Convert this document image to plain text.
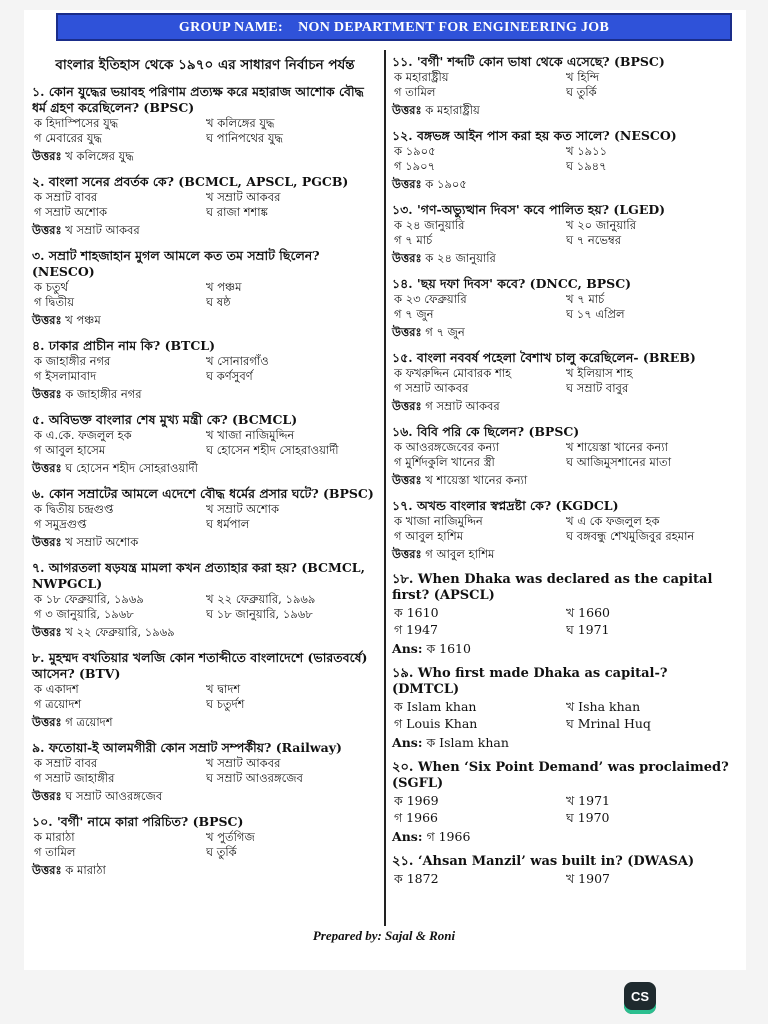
GROUP NAME: NON DEPARTMENT FOR ENGINEERING JOB
বাংলার ইতিহাস থেকে ১৯৭০ এর সাধারণ নির্বাচন পর্যন্ত
১. কোন যুদ্ধের ভয়াবহ পরিণাম প্রত্যক্ষ করে মহারাজ আশোক বৌদ্ধ ধর্ম গ্রহণ করেছিলেন? (BPSC)
ক হিদাস্পিসের যুদ্ধ	খ কলিঙ্গের যুদ্ধ
গ মেবারের যুদ্ধ	ঘ পানিপথের যুদ্ধ
উত্তরঃ খ কলিঙ্গের যুদ্ধ
২. বাংলা সনের প্রবর্তক কে? (BCMCL, APSCL, PGCB)
ক সম্রাট বাবর	খ সম্রাট আকবর
গ সম্রাট অশোক	ঘ রাজা শশাঙ্ক
উত্তরঃ খ সম্রাট আকবর
৩. সম্রাট শাহজাহান মুগল আমলে কত তম সম্রাট ছিলেন? (NESCO)
ক চতুর্থ	খ পঞ্চম
গ দ্বিতীয়	ঘ ষষ্ঠ
উত্তরঃ খ পঞ্চম
৪. ঢাকার প্রাচীন নাম কি? (BTCL)
ক জাহাঙ্গীর নগর	খ সোনারগাঁও
গ ইসলামাবাদ	ঘ কর্ণসুবর্ণ
উত্তরঃ ক জাহাঙ্গীর নগর
৫. অবিভক্ত বাংলার শেষ মুখ্য মন্ত্রী কে? (BCMCL)
ক এ.কে. ফজলুল হক	খ খাজা নাজিমুদ্দিন
গ আবুল হাসেম	ঘ হোসেন শহীদ সোহরাওয়ার্দী
উত্তরঃ ঘ হোসেন শহীদ সোহরাওয়ার্দী
৬. কোন সম্রাটের আমলে এদেশে বৌদ্ধ ধর্মের প্রসার ঘটে? (BPSC)
ক দ্বিতীয় চন্দ্রগুপ্ত	খ সম্রাট অশোক
গ সমুদ্রগুপ্ত	ঘ ধর্মপাল
উত্তরঃ খ সম্রাট অশোক
৭. আগরতলা ষড়যন্ত্র মামলা কখন প্রত্যাহার করা হয়? (BCMCL, NWPGCL)
ক ১৮ ফেব্রুয়ারি, ১৯৬৯	খ ২২ ফেব্রুয়ারি, ১৯৬৯
গ ৩ জানুয়ারি, ১৯৬৮	ঘ ১৮ জানুয়ারি, ১৯৬৮
উত্তরঃ খ ২২ ফেব্রুয়ারি, ১৯৬৯
৮. মুহম্মদ বখতিয়ার খলজি কোন শতাব্দীতে বাংলাদেশে (ভারতবর্ষে) আসেন? (BTV)
ক একাদশ	খ দ্বাদশ
গ ত্রয়োদশ	ঘ চতুর্দশ
উত্তরঃ গ ত্রয়োদশ
৯. ফতোয়া-ই আলমগীরী কোন সম্রাট সম্পর্কীয়? (Railway)
ক সম্রাট বাবর	খ সম্রাট আকবর
গ সম্রাট জাহাঙ্গীর	ঘ সম্রাট আওরঙ্গজেব
উত্তরঃ ঘ সম্রাট আওরঙ্গজেব
১০. 'বর্গী' নামে কারা পরিচিত? (BPSC)
ক মারাঠা	খ পুর্তগিজ
গ তামিল	ঘ তুর্কি
উত্তরঃ ক মারাঠা
১১. 'বর্গী' শব্দটি কোন ভাষা থেকে এসেছে? (BPSC)
ক মহারাষ্ট্রীয়	খ হিন্দি
গ তামিল	ঘ তুর্কি
উত্তরঃ ক মহারাষ্ট্রীয়
১২. বঙ্গভঙ্গ আইন পাস করা হয় কত সালে? (NESCO)
ক ১৯০৫	খ ১৯১১
গ ১৯০৭	ঘ ১৯৪৭
উত্তরঃ ক ১৯০৫
১৩. 'গণ-অভ্যুত্থান দিবস' কবে পালিত হয়? (LGED)
ক ২৪ জানুয়ারি	খ ২০ জানুয়ারি
গ ৭ মার্চ	ঘ ৭ নভেম্বর
উত্তরঃ ক ২৪ জানুয়ারি
১৪. 'ছয় দফা দিবস' কবে? (DNCC, BPSC)
ক ২৩ ফেব্রুয়ারি	খ ৭ মার্চ
গ ৭ জুন	ঘ ১৭ এপ্রিল
উত্তরঃ গ ৭ জুন
১৫. বাংলা নববর্ষ পহেলা বৈশাখ চালু করেছিলেন- (BREB)
ক ফখরুদ্দিন মোবারক শাহ	খ ইলিয়াস শাহ
গ সম্রাট আকবর	ঘ সম্রাট বাবুর
উত্তরঃ গ সম্রাট আকবর
১৬. বিবি পরি কে ছিলেন? (BPSC)
ক আওরঙ্গজেবের কন্যা	খ শায়েস্তা খানের কন্যা
গ মুর্শিদকুলি খানের স্ত্রী	ঘ আজিমুসশানের মাতা
উত্তরঃ খ শায়েস্তা খানের কন্যা
১৭. অখন্ড বাংলার স্বপ্নদ্রষ্টা কে? (KGDCL)
ক খাজা নাজিমুদ্দিন	খ এ কে ফজলুল হক
গ আবুল হাশিম	ঘ বঙ্গবন্ধু শেখমুজিবুর রহমান
উত্তরঃ গ আবুল হাশিম
১৮. When Dhaka was declared as the capital first? (APSCL)
ক 1610	খ 1660
গ 1947	ঘ 1971
Ans: ক 1610
১৯. Who first made Dhaka as capital-? (DMTCL)
ক Islam khan	খ Isha khan
গ Louis Khan	ঘ Mrinal Huq
Ans: ক Islam khan
২০. When ‘Six Point Demand’ was proclaimed? (SGFL)
ক 1969	খ 1971
গ 1966	ঘ 1970
Ans: গ 1966
২১. ‘Ahsan Manzil’ was built in? (DWASA)
ক 1872	খ 1907
Prepared by: Sajal & Roni
CS
